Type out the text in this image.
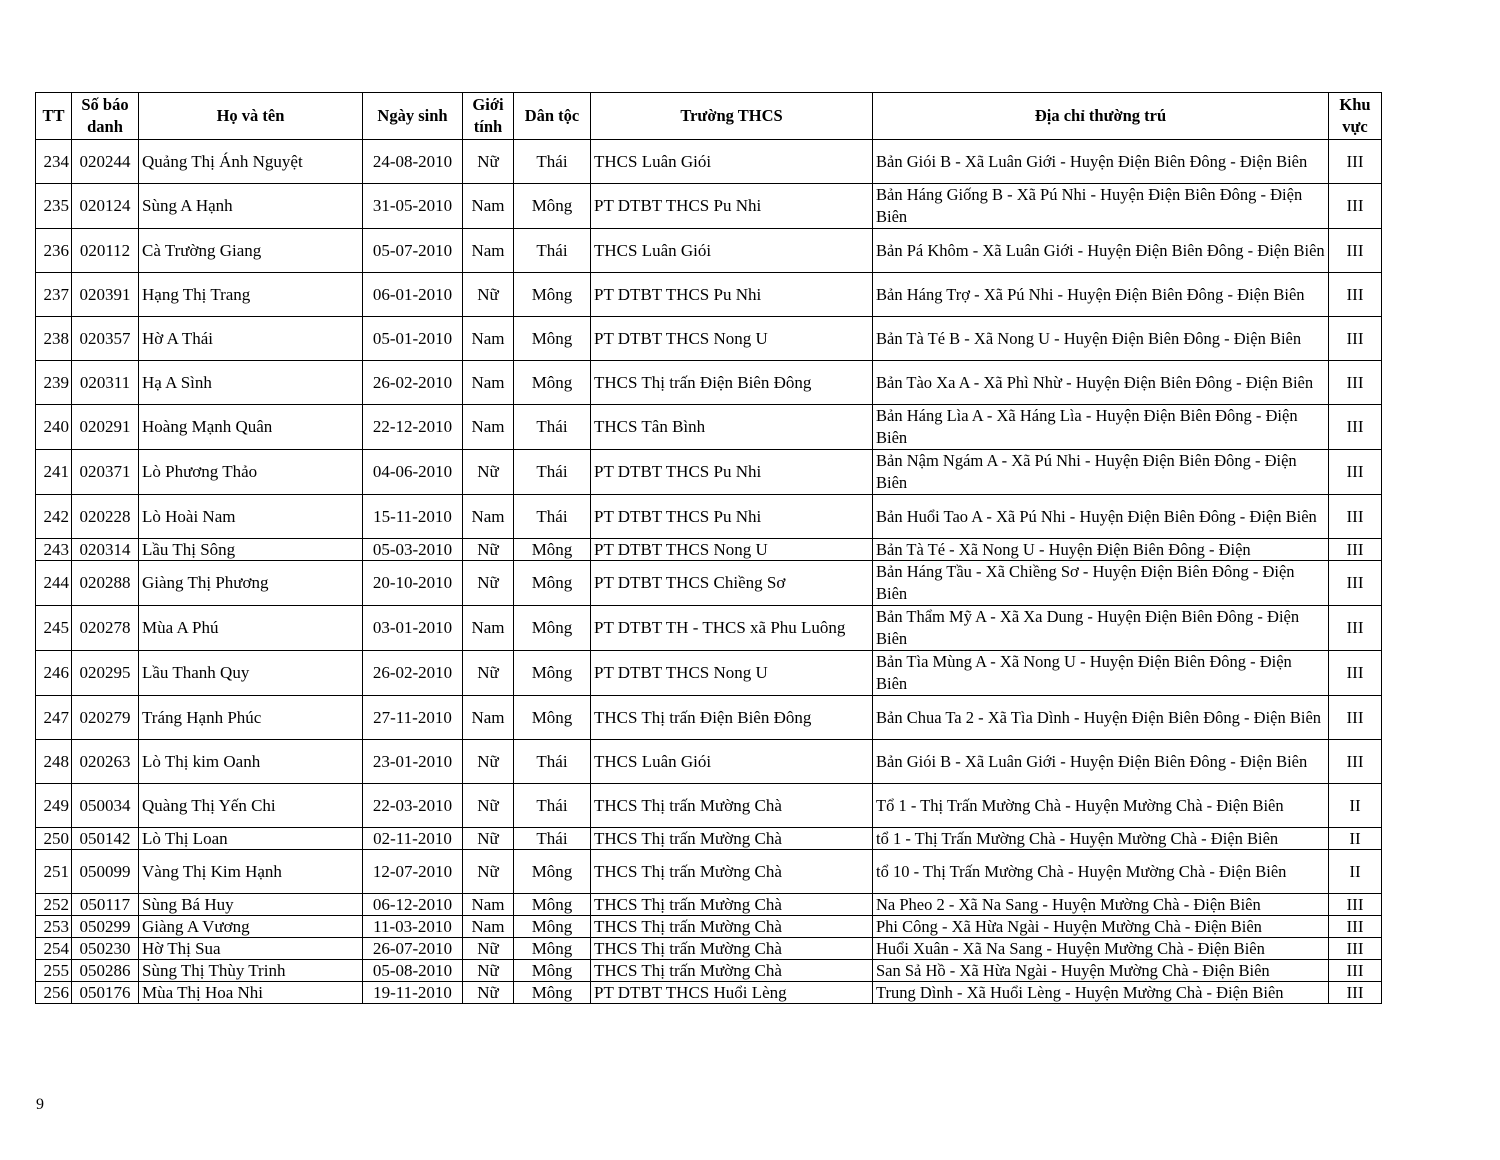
TT	Số báo danh	Họ và tên	Ngày sinh	Giới tính	Dân tộc	Trường THCS	Địa chỉ thường trú	Khu vực
234	020244	Quảng Thị Ánh Nguyệt	24-08-2010	Nữ	Thái	THCS Luân Giói	Bản Giói B - Xã Luân Giới - Huyện Điện Biên Đông - Điện Biên	III
235	020124	Sùng A Hạnh	31-05-2010	Nam	Mông	PT DTBT THCS Pu Nhi	Bản Háng Giống B - Xã Pú Nhi - Huyện Điện Biên Đông - Điện Biên	III
236	020112	Cà Trường Giang	05-07-2010	Nam	Thái	THCS Luân Giói	Bản Pá Khôm - Xã Luân Giới - Huyện Điện Biên Đông - Điện Biên	III
237	020391	Hạng Thị Trang	06-01-2010	Nữ	Mông	PT DTBT THCS Pu Nhi	Bản Háng Trợ - Xã Pú Nhi - Huyện Điện Biên Đông - Điện Biên	III
238	020357	Hờ A Thái	05-01-2010	Nam	Mông	PT DTBT THCS Nong U	Bản Tà Té B - Xã Nong U - Huyện Điện Biên Đông - Điện Biên	III
239	020311	Hạ A Sình	26-02-2010	Nam	Mông	THCS Thị trấn Điện Biên Đông	Bản Tào Xa A - Xã Phì Nhừ - Huyện Điện Biên Đông - Điện Biên	III
240	020291	Hoàng Mạnh Quân	22-12-2010	Nam	Thái	THCS Tân Bình	Bản Háng Lìa A - Xã Háng Lìa - Huyện Điện Biên Đông - Điện Biên	III
241	020371	Lò Phương Thảo	04-06-2010	Nữ	Thái	PT DTBT THCS Pu Nhi	Bản Nậm Ngám A - Xã Pú Nhi - Huyện Điện Biên Đông - Điện Biên	III
242	020228	Lò Hoài Nam	15-11-2010	Nam	Thái	PT DTBT THCS Pu Nhi	Bản Huổi Tao A - Xã Pú Nhi - Huyện Điện Biên Đông - Điện Biên	III
243	020314	Lầu Thị Sông	05-03-2010	Nữ	Mông	PT DTBT THCS Nong U	Bản Tà Té - Xã Nong U - Huyện Điện Biên Đông - Điện	III
244	020288	Giàng Thị Phương	20-10-2010	Nữ	Mông	PT DTBT THCS Chiềng Sơ	Bản Háng Tầu - Xã Chiềng Sơ - Huyện Điện Biên Đông - Điện Biên	III
245	020278	Mùa A Phú	03-01-2010	Nam	Mông	PT DTBT TH - THCS xã Phu Luông	Bản Thẩm Mỹ A - Xã Xa Dung - Huyện Điện Biên Đông - Điện Biên	III
246	020295	Lầu Thanh Quy	26-02-2010	Nữ	Mông	PT DTBT THCS Nong U	Bản Tìa Mùng A - Xã Nong U - Huyện Điện Biên Đông - Điện Biên	III
247	020279	Tráng Hạnh Phúc	27-11-2010	Nam	Mông	THCS Thị trấn Điện Biên Đông	Bản Chua Ta 2 - Xã Tìa Dình - Huyện Điện Biên Đông - Điện Biên	III
248	020263	Lò Thị kim Oanh	23-01-2010	Nữ	Thái	THCS Luân Giói	Bản Giói B - Xã Luân Giới - Huyện Điện Biên Đông - Điện Biên	III
249	050034	Quàng Thị Yến Chi	22-03-2010	Nữ	Thái	THCS Thị trấn Mường Chà	Tổ 1 - Thị Trấn Mường Chà - Huyện Mường Chà - Điện Biên	II
250	050142	Lò Thị Loan	02-11-2010	Nữ	Thái	THCS Thị trấn Mường Chà	tổ 1 - Thị Trấn Mường Chà - Huyện Mường Chà - Điện Biên	II
251	050099	Vàng Thị Kim Hạnh	12-07-2010	Nữ	Mông	THCS Thị trấn Mường Chà	tổ 10 - Thị Trấn Mường Chà - Huyện Mường Chà - Điện Biên	II
252	050117	Sùng Bá Huy	06-12-2010	Nam	Mông	THCS Thị trấn Mường Chà	Na Pheo 2 - Xã Na Sang - Huyện Mường Chà - Điện Biên	III
253	050299	Giàng A Vương	11-03-2010	Nam	Mông	THCS Thị trấn Mường Chà	Phi Công - Xã Hừa Ngài - Huyện Mường Chà - Điện Biên	III
254	050230	Hờ Thị Sua	26-07-2010	Nữ	Mông	THCS Thị trấn Mường Chà	Huổi Xuân - Xã Na Sang - Huyện Mường Chà - Điện Biên	III
255	050286	Sùng Thị Thùy Trinh	05-08-2010	Nữ	Mông	THCS Thị trấn Mường Chà	San Sả Hồ - Xã Hừa Ngài - Huyện Mường Chà - Điện Biên	III
256	050176	Mùa Thị Hoa Nhi	19-11-2010	Nữ	Mông	PT DTBT THCS Huổi Lèng	Trung Dình - Xã Huổi Lèng - Huyện Mường Chà - Điện Biên	III
9
